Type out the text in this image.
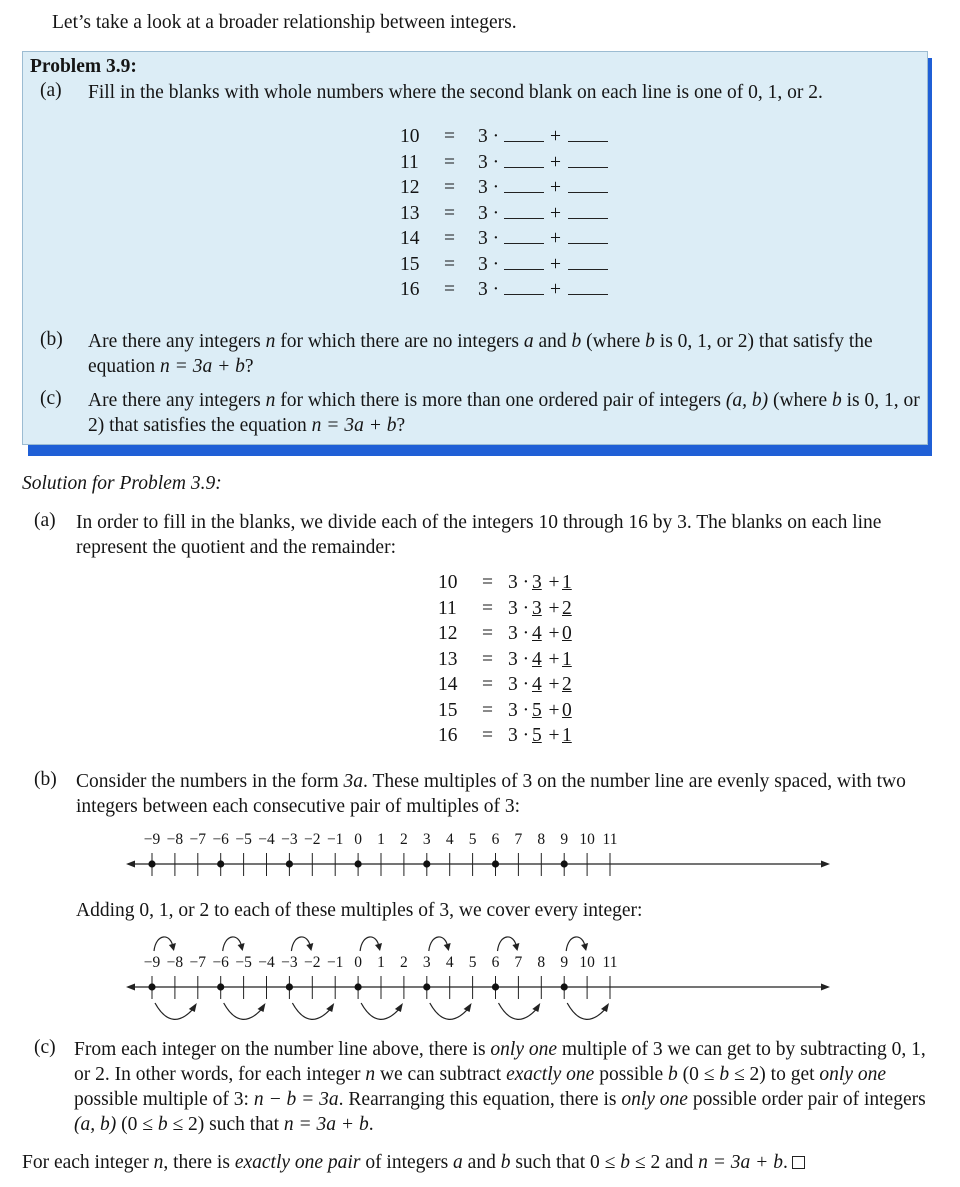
Let’s take a look at a broader relationship between integers.
Problem 3.9:
(a)	Fill in the blanks with whole numbers where the second blank on each line is one of 0, 1, or 2.
10	=	3 ·		+	
11	=	3 ·		+	
12	=	3 ·		+	
13	=	3 ·		+	
14	=	3 ·		+	
15	=	3 ·		+	
16	=	3 ·		+	
(b)	Are there any integers n for which there are no integers a and b (where b is 0, 1, or 2) that satisfy the equation n = 3a + b?
(c)	Are there any integers n for which there is more than one ordered pair of integers (a, b) (where b is 0, 1, or 2) that satisfies the equation n = 3a + b?
Solution for Problem 3.9:
(a)	In order to fill in the blanks, we divide each of the integers 10 through 16 by 3. The blanks on each line represent the quotient and the remainder:
10	=	3 ·	3	+	1
11	=	3 ·	3	+	2
12	=	3 ·	4	+	0
13	=	3 ·	4	+	1
14	=	3 ·	4	+	2
15	=	3 ·	5	+	0
16	=	3 ·	5	+	1
(b) Consider the numbers in the form 3a. These multiples of 3 on the number line are evenly spaced, with two integers between each consecutive pair of multiples of 3:
−9 −8 −7 −6 −5 −4 −3 −2 −1 0 1 2 3 4 5 6 7 8 9 10 11
Adding 0, 1, or 2 to each of these multiples of 3, we cover every integer:
−9 −8 −7 −6 −5 −4 −3 −2 −1 0 1 2 3 4 5 6 7 8 9 10 11
(c) From each integer on the number line above, there is only one multiple of 3 we can get to by subtracting 0, 1, or 2. In other words, for each integer n we can subtract exactly one possible b (0 ≤ b ≤ 2) to get only one possible multiple of 3: n − b = 3a. Rearranging this equation, there is only one possible order pair of integers (a, b) (0 ≤ b ≤ 2) such that n = 3a + b.
For each integer n, there is exactly one pair of integers a and b such that 0 ≤ b ≤ 2 and n = 3a + b.
